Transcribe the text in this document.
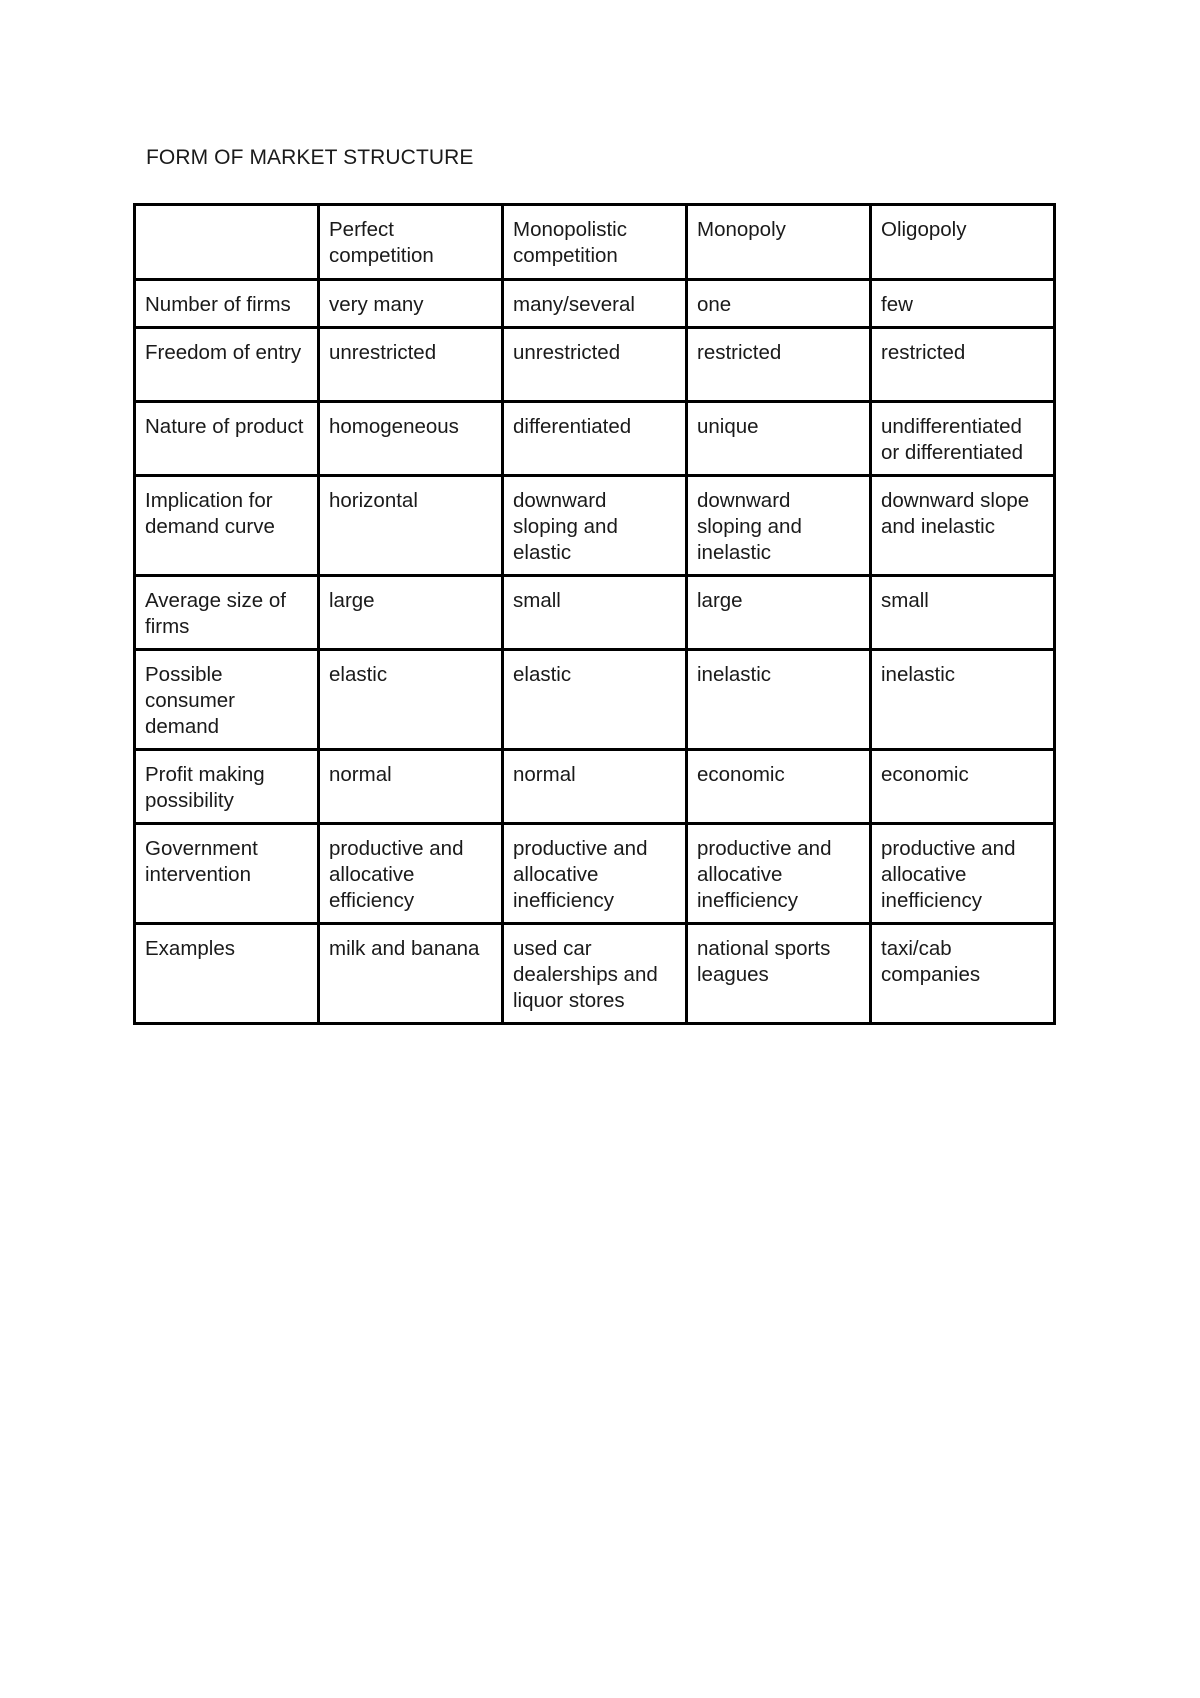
FORM OF MARKET STRUCTURE
	Perfect competition	Monopolistic competition	Monopoly	Oligopoly
Number of firms	very many	many/several	one	few
Freedom of entry	unrestricted	unrestricted	restricted	restricted
Nature of product	homogeneous	differentiated	unique	undifferentiated or differentiated
Implication for demand curve	horizontal	downward sloping and elastic	downward sloping and inelastic	downward slope and inelastic
Average size of firms	large	small	large	small
Possible consumer demand	elastic	elastic	inelastic	inelastic
Profit making possibility	normal	normal	economic	economic
Government intervention	productive and allocative efficiency	productive and allocative inefficiency	productive and allocative inefficiency	productive and allocative inefficiency
Examples	milk and banana	used car dealerships and liquor stores	national sports leagues	taxi/cab companies
